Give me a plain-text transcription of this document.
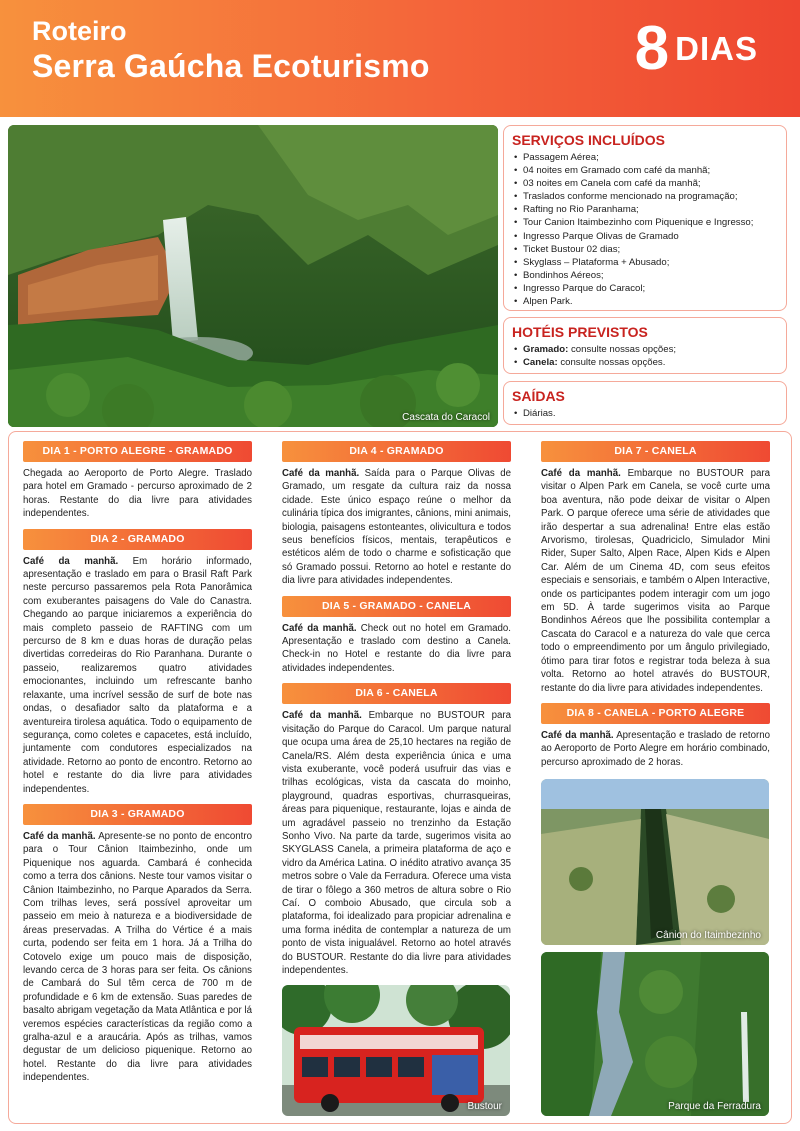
Roteiro
Serra Gaúcha Ecoturismo	8 DIAS
Cascata do Caracol
SERVIÇOS INCLUÍDOS
• Passagem Aérea;
• 04 noites em Gramado com café da manhã;
• 03 noites em Canela com café da manhã;
• Traslados conforme mencionado na programação;
• Rafting no Rio Paranhama;
• Tour Canion Itaimbezinho com Piquenique e Ingresso;
• Ingresso Parque Olivas de Gramado
• Ticket Bustour 02 dias;
• Skyglass – Plataforma + Abusado;
• Bondinhos Aéreos;
• Ingresso Parque do Caracol;
• Alpen Park.
HOTÉIS PREVISTOS
• Gramado: consulte nossas opções;
• Canela: consulte nossas opções.
SAÍDAS
• Diárias.
DIA 1 - PORTO ALEGRE - GRAMADO

Chegada ao Aeroporto de Porto Alegre. Traslado para hotel em Gramado - percurso aproximado de 2 horas. Restante do dia livre para atividades independentes.

DIA 2 - GRAMADO

Café da manhã. Em horário informado, apresentação e traslado em para o Brasil Raft Park neste percurso passaremos pela Rota Panorâmica com exuberantes paisagens do Vale do Canastra. Chegando ao parque iniciaremos a experiência do mais completo passeio de RAFTING com um percurso de 8 km e duas horas de duração pelas divertidas corredeiras do Rio Paranhana. Durante o passeio, realizaremos quatro atividades emocionantes, incluindo um refrescante banho relaxante, uma incrível sessão de surf de bote nas ondas, o desafiador salto da plataforma e a aventureira tirolesa aquática. Todo o equipamento de segurança, como coletes e capacetes, está incluído, juntamente com condutores especializados na atividade. Retorno ao ponto de encontro. Retorno ao hotel e restante do dia livre para atividades independentes.

DIA 3 - GRAMADO

Café da manhã. Apresente-se no ponto de encontro para o Tour Cânion Itaimbezinho, onde um Piquenique nos aguarda. Cambará é conhecida como a terra dos cânions. Neste tour vamos visitar o Cânion Itaimbezinho, no Parque Aparados da Serra. Com trilhas leves, será possível aproveitar um passeio em meio à natureza e a biodiversidade de áreas preservadas. A Trilha do Vértice é a mais curta, podendo ser feita em 1 hora. Já a Trilha do Cotovelo exige um pouco mais de disposição, levando cerca de 3 horas para ser feita. Os cânions de Cambará do Sul têm cerca de 700 m de profundidade e 6 km de extensão. Suas paredes de basalto abrigam vegetação da Mata Atlântica e por lá veremos espécies características da região como a gralha-azul e a araucária. Após as trilhas, vamos degustar de um delicioso piquenique. Retorno ao hotel. Restante do dia livre para atividades independentes.

DIA 4 - GRAMADO

Café da manhã. Saída para o Parque Olivas de Gramado, um resgate da cultura raiz da nossa cidade. Este único espaço reúne o melhor da culinária típica dos imigrantes, cânions, mini animais, biologia, paisagens estonteantes, olivicultura e todos seus benefícios físicos, mentais, terapêuticos e estéticos além de todo o charme e sofisticação que só Gramado possui. Retorno ao hotel e restante do dia livre para atividades independentes.

DIA 5 - GRAMADO - CANELA

Café da manhã. Check out no hotel em Gramado. Apresentação e traslado com destino a Canela. Check-in no Hotel e restante do dia livre para atividades independentes.

DIA 6 - CANELA

Café da manhã. Embarque no BUSTOUR para visitação do Parque do Caracol. Um parque natural que ocupa uma área de 25,10 hectares na região de Canela/RS. Além desta experiência única e uma vista exuberante, você poderá usufruir das vias e trilhas ecológicas, vista da cascata do moinho, playground, quadras esportivas, churrasqueiras, áreas para piquenique, restaurante, lojas e ainda de um agradável passeio no trenzinho da Estação Sonho Vivo. Na parte da tarde, sugerimos visita ao SKYGLASS Canela, a primeira plataforma de aço e vidro da América Latina. O inédito atrativo avança 35 metros sobre o Vale da Ferradura. Oferece uma vista de tirar o fôlego a 360 metros de altura sobre o Rio Caí. O comboio Abusado, que circula sob a plataforma, foi idealizado para propiciar adrenalina e uma forma inédita de contemplar a natureza de um ponto de vista inigualável. Retorno ao hotel através do BUSTOUR. Restante do dia livre para atividades independentes.

DIA 7 - CANELA

Café da manhã. Embarque no BUSTOUR para visitar o Alpen Park em Canela, se você curte uma boa aventura, não pode deixar de visitar o Alpen Park. O parque oferece uma série de atividades que irão despertar a sua adrenalina! Entre elas estão Arvorismo, tirolesas, Quadriciclo, Simulador Mini Rider, Super Salto, Alpen Race, Alpen Kids e Alpen Car. Além de um Cinema 4D, com seus efeitos especiais e sensoriais, e também o Alpen Interactive, onde os participantes podem interagir com um jogo em 5D. À tarde sugerimos visita ao Parque Bondinhos Aéreos que lhe possibilita contemplar a Cascata do Caracol e a natureza do vale que cerca todo o empreendimento por um ângulo privilegiado, ótimo para tirar fotos e registrar toda beleza à sua volta. Retorno ao hotel através do BUSTOUR, restante do dia livre para atividades independentes.

DIA 8 - CANELA - PORTO ALEGRE

Café da manhã. Apresentação e traslado de retorno ao Aeroporto de Porto Alegre em horário combinado, percurso aproximado de 2 horas.

Bustour
Cânion do Itaimbezinho
Parque da Ferradura
